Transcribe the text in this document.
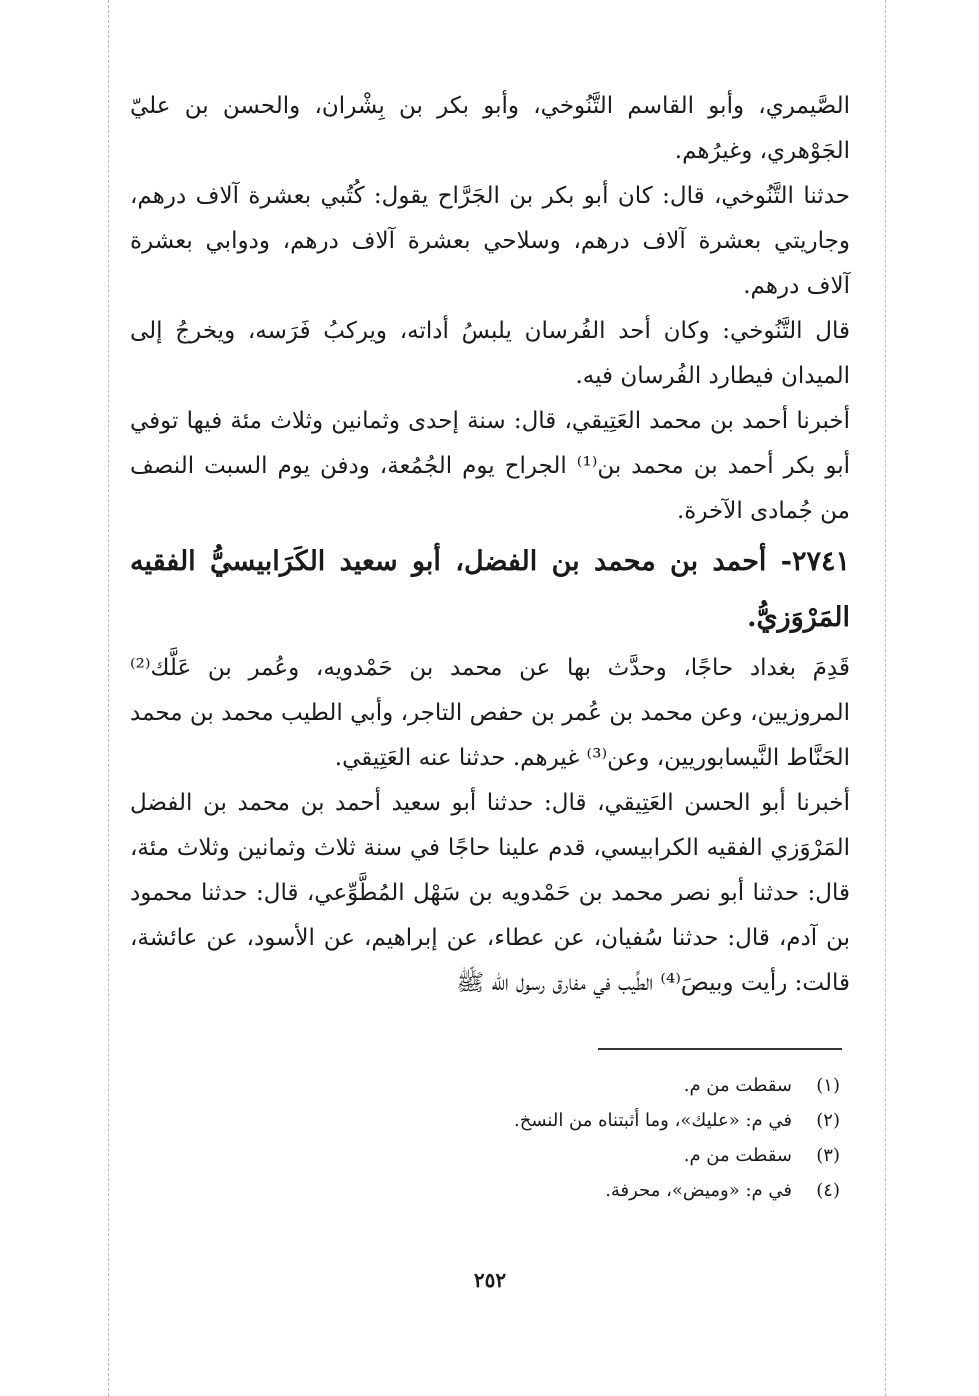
الصَّيمري، وأبو القاسم التَّنُوخي، وأبو بكر بن بِشْران، والحسن بن عليّ الجَوْهري، وغيرُهم.

حدثنا التَّنُوخي، قال: كان أبو بكر بن الجَرَّاح يقول: كُتُبي بعشرة آلاف درهم، وجاريتي بعشرة آلاف درهم، وسلاحي بعشرة آلاف درهم، ودوابي بعشرة آلاف درهم.

قال التَّنُوخي: وكان أحد الفُرسان يلبسُ أداته، ويركبُ فَرَسه، ويخرجُ إلى الميدان فيطارد الفُرسان فيه.

أخبرنا أحمد بن محمد العَتِيقي، قال: سنة إحدى وثمانين وثلاث مئة فيها توفي أبو بكر أحمد بن محمد بن⁽¹⁾ الجراح يوم الجُمُعة، ودفن يوم السبت النصف من جُمادى الآخرة.

٢٧٤١- أحمد بن محمد بن الفضل، أبو سعيد الكَرَابيسيُّ الفقيه المَرْوَزيُّ.

قَدِمَ بغداد حاجًا، وحدَّث بها عن محمد بن حَمْدويه، وعُمر بن عَلَّك⁽²⁾ المروزيين، وعن محمد بن عُمر بن حفص التاجر، وأبي الطيب محمد بن محمد الحَنَّاط النَّيسابوريين، وعن⁽³⁾ غيرهم. حدثنا عنه العَتِيقي.

أخبرنا أبو الحسن العَتِيقي، قال: حدثنا أبو سعيد أحمد بن محمد بن الفضل المَرْوَزي الفقيه الكرابيسي، قدم علينا حاجًا في سنة ثلاث وثمانين وثلاث مئة، قال: حدثنا أبو نصر محمد بن حَمْدويه بن سَهْل المُطَّوِّعي، قال: حدثنا محمود بن آدم، قال: حدثنا سُفيان، عن عطاء، عن إبراهيم، عن الأسود، عن عائشة، قالت: رأيت وبيصَ⁽⁴⁾ الطِّيب في مفارق رسول الله ﷺ

(١)سقطت من م.

(٢)في م: «عليك»، وما أثبتناه من النسخ.

(٣)سقطت من م.

(٤)في م: «وميض»، محرفة.

٢٥٢
